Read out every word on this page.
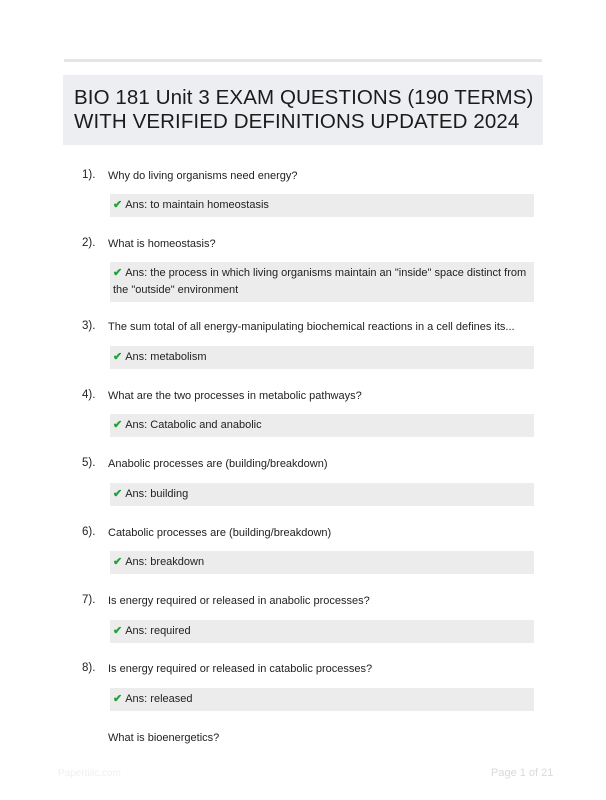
BIO 181 Unit 3 EXAM QUESTIONS (190 TERMS)
WITH VERIFIED DEFINITIONS UPDATED 2024
1). Why do living organisms need energy?
✔ Ans: to maintain homeostasis
2). What is homeostasis?
✔ Ans: the process in which living organisms maintain an "inside" space distinct from
the "outside" environment
3). The sum total of all energy-manipulating biochemical reactions in a cell defines its...
✔ Ans: metabolism
4). What are the two processes in metabolic pathways?
✔ Ans: Catabolic and anabolic
5). Anabolic processes are (building/breakdown)
✔ Ans: building
6). Catabolic processes are (building/breakdown)
✔ Ans: breakdown
7). Is energy required or released in anabolic processes?
✔ Ans: required
8). Is energy required or released in catabolic processes?
✔ Ans: released
What is bioenergetics?
Papertiiic.com	Page 1 of 21
